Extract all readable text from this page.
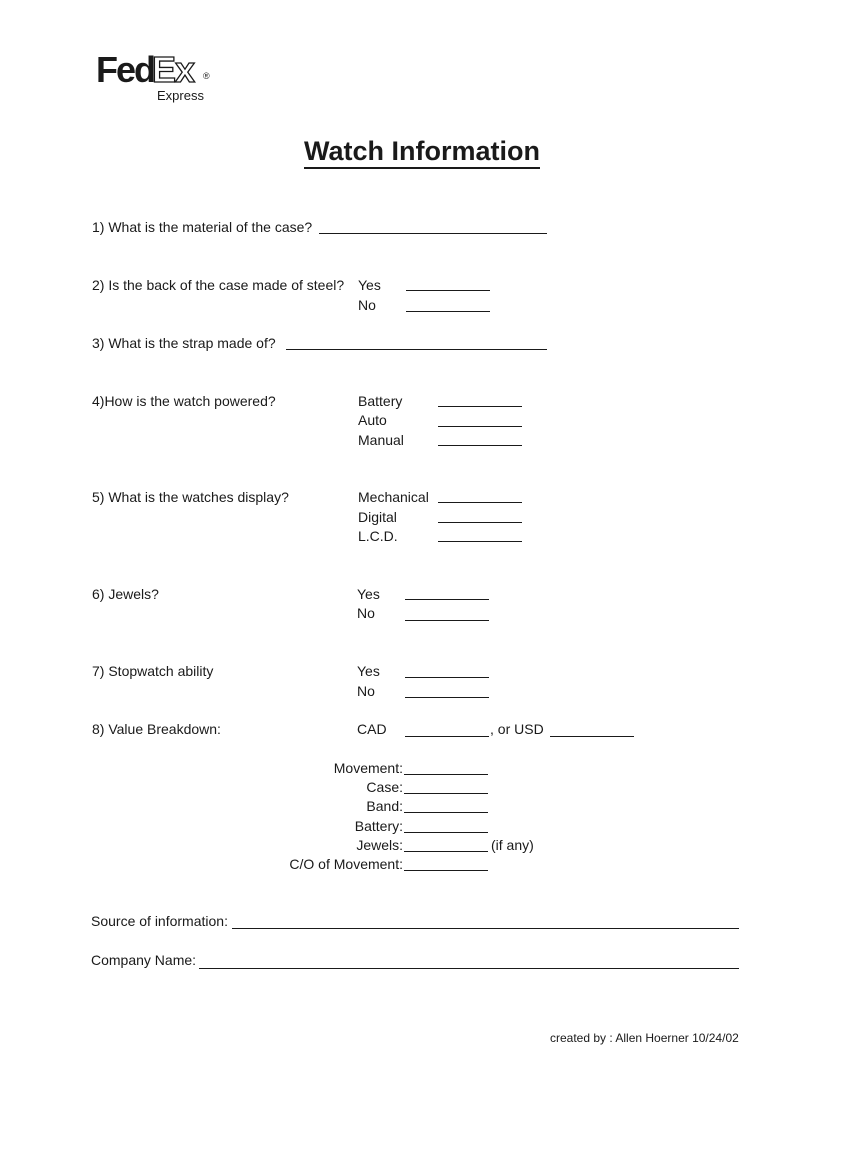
Fed
Ex ®
Express
Watch Information
1) What is the material of the case?
2) Is the back of the case made of steel? Yes
No
3) What is the strap made of?
4)How is the watch powered?	Battery
Auto
Manual
5) What is the watches display?	Mechanical
Digital
L.C.D.
6) Jewels?	Yes
No
7) Stopwatch ability	Yes
No
8) Value Breakdown:	CAD	, or USD
Movement:
Case:
Band:
Battery:
Jewels:	(if any)
C/O of Movement:
Source of information:
Company Name:
created by : Allen Hoerner 10/24/02
